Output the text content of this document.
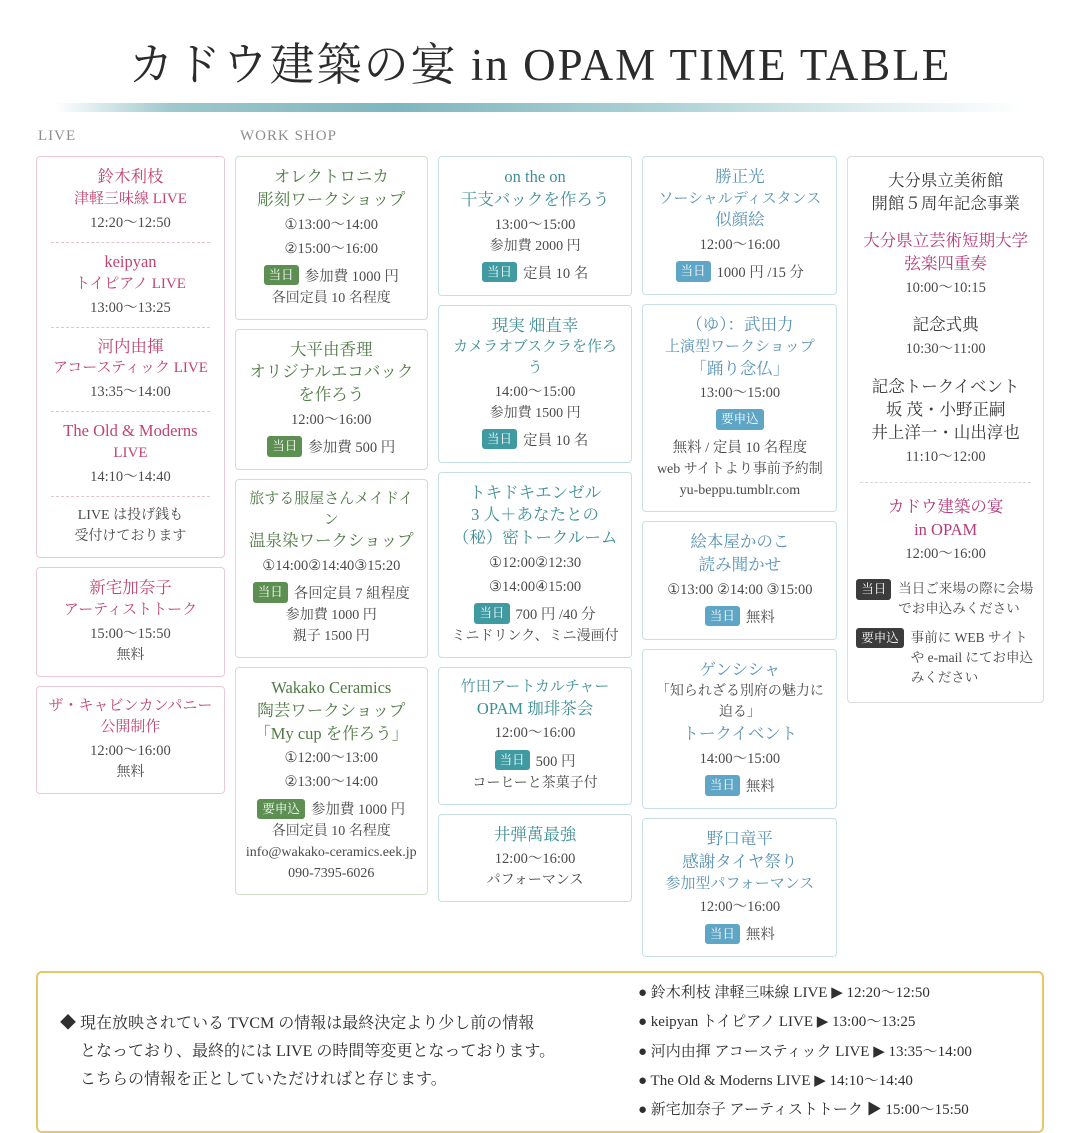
カドウ建築の宴 in OPAM TIME TABLE
LIVE	WORK SHOP
鈴木利枝
津軽三味線 LIVE
12:20〜12:50
keipyan
トイピアノ LIVE
13:00〜13:25
河内由揮
アコースティック LIVE
13:35〜14:00
The Old & Moderns
LIVE
14:10〜14:40
LIVE は投げ銭も
受付けております
新宅加奈子
アーティストトーク
15:00〜15:50
無料
ザ・キャビンカンパニー
公開制作
12:00〜16:00
無料
オレクトロニカ
彫刻ワークショップ
①13:00〜14:00
②15:00〜16:00
当日 参加費 1000 円
各回定員 10 名程度
大平由香理
オリジナルエコバック
を作ろう
12:00〜16:00
当日 参加費 500 円
旅する服屋さんメイドイン
温泉染ワークショップ
①14:00②14:40③15:20
当日 各回定員 7 組程度
参加費 1000 円
親子 1500 円
Wakako Ceramics
陶芸ワークショップ
「My cup を作ろう」
①12:00〜13:00
②13:00〜14:00
要申込 参加費 1000 円
各回定員 10 名程度
info@wakako-ceramics.eek.jp
090-7395-6026
on the on
干支バックを作ろう
13:00〜15:00
参加費 2000 円
当日 定員 10 名
現実 畑直幸
カメラオブスクラを作ろう
14:00〜15:00
参加費 1500 円
当日 定員 10 名
トキドキエンゼル
3 人＋あなたとの
（秘）密トークルーム
①12:00②12:30
③14:00④15:00
当日 700 円 /40 分
ミニドリンク、ミニ漫画付
竹田アートカルチャー
OPAM 珈琲茶会
12:00〜16:00
当日 500 円
コーヒーと茶菓子付
井弾萬最強
12:00〜16:00
パフォーマンス
勝正光
ソーシャルディスタンス
似顔絵
12:00〜16:00
当日 1000 円 /15 分
（ゆ）：武田力
上演型ワークショップ
「踊り念仏」
13:00〜15:00
要申込
無料 / 定員 10 名程度
web サイトより事前予約制
yu-beppu.tumblr.com
絵本屋かのこ
読み聞かせ
①13:00 ②14:00 ③15:00
当日 無料
ゲンシシャ
「知られざる別府の魅力に迫る」
トークイベント
14:00〜15:00
当日 無料
野口竜平
感謝タイヤ祭り
参加型パフォーマンス
12:00〜16:00
当日 無料
大分県立美術館
開館５周年記念事業
大分県立芸術短期大学
弦楽四重奏
10:00〜10:15
記念式典
10:30〜11:00
記念トークイベント
坂 茂・小野正嗣
井上洋一・山出淳也
11:10〜12:00
カドウ建築の宴
in OPAM
12:00〜16:00
当日 当日ご来場の際に会場でお申込みください
要申込 事前に WEB サイトや e-mail にてお申込みください
◆ 現在放映されている TVCM の情報は最終決定より少し前の情報
となっており、最終的には LIVE の時間等変更となっております。
こちらの情報を正としていただければと存じます。
● 鈴木利枝 津軽三味線 LIVE ▶ 12:20〜12:50
● keipyan トイピアノ LIVE ▶ 13:00〜13:25
● 河内由揮 アコースティック LIVE ▶ 13:35〜14:00
● The Old & Moderns LIVE ▶ 14:10〜14:40
● 新宅加奈子 アーティストトーク ▶ 15:00〜15:50
